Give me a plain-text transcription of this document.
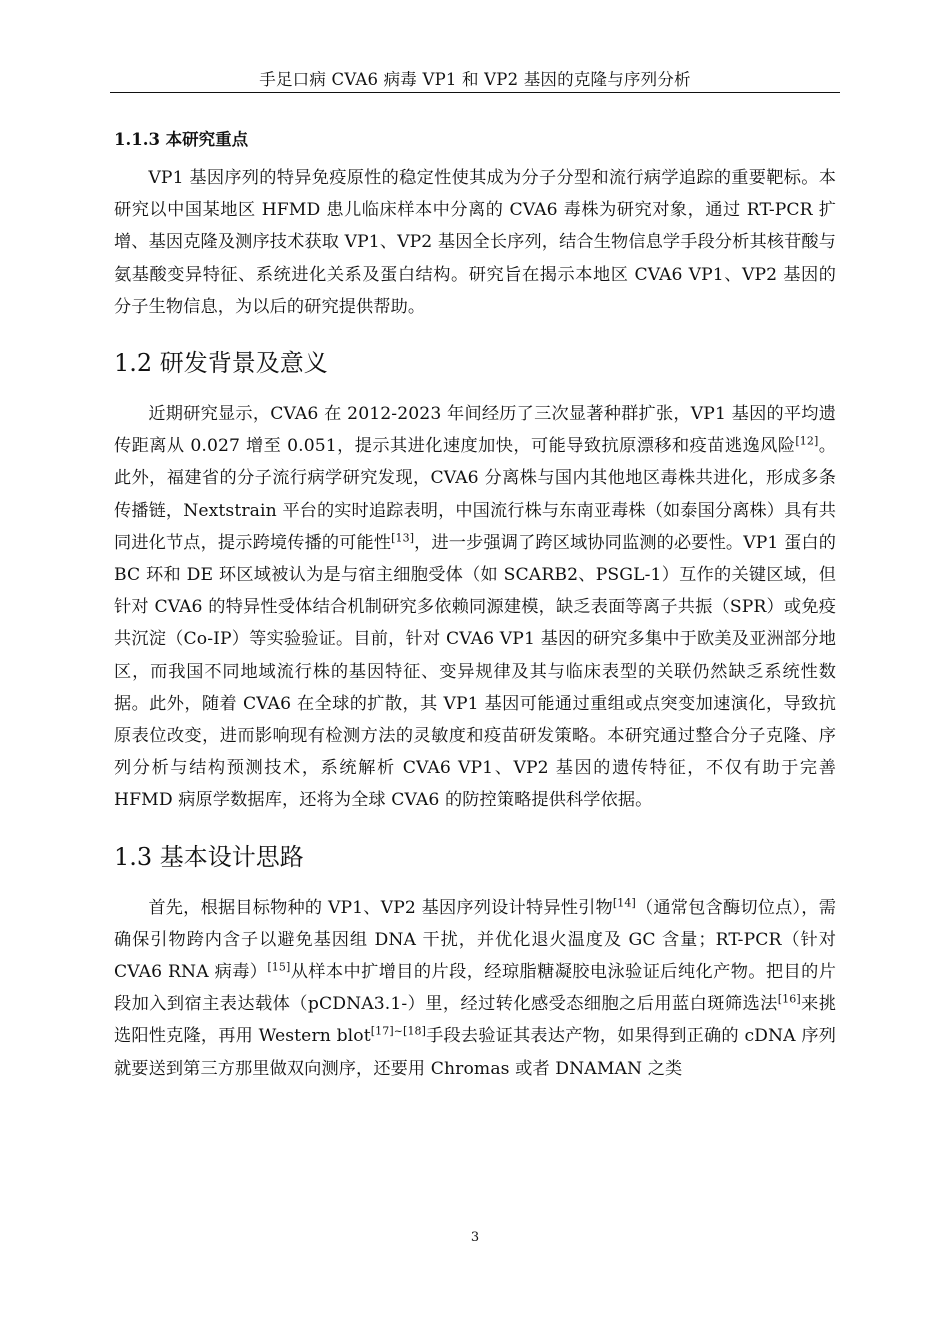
手足口病 CVA6 病毒 VP1 和 VP2 基因的克隆与序列分析
1.1.3 本研究重点

VP1 基因序列的特异免疫原性的稳定性使其成为分子分型和流行病学追踪的重要靶标。本研究以中国某地区 HFMD 患儿临床样本中分离的 CVA6 毒株为研究对象，通过 RT-PCR 扩增、基因克隆及测序技术获取 VP1、VP2 基因全长序列，结合生物信息学手段分析其核苷酸与氨基酸变异特征、系统进化关系及蛋白结构。研究旨在揭示本地区 CVA6 VP1、VP2 基因的分子生物信息，为以后的研究提供帮助。

1.2 研发背景及意义

近期研究显示，CVA6 在 2012-2023 年间经历了三次显著种群扩张，VP1 基因的平均遗传距离从 0.027 增至 0.051，提示其进化速度加快，可能导致抗原漂移和疫苗逃逸风险[12]。此外，福建省的分子流行病学研究发现，CVA6 分离株与国内其他地区毒株共进化，形成多条传播链，Nextstrain 平台的实时追踪表明，中国流行株与东南亚毒株（如泰国分离株）具有共同进化节点，提示跨境传播的可能性[13]，进一步强调了跨区域协同监测的必要性。VP1 蛋白的 BC 环和 DE 环区域被认为是与宿主细胞受体（如 SCARB2、PSGL-1）互作的关键区域，但针对 CVA6 的特异性受体结合机制研究多依赖同源建模，缺乏表面等离子共振（SPR）或免疫共沉淀（Co-IP）等实验验证。目前，针对 CVA6 VP1 基因的研究多集中于欧美及亚洲部分地区，而我国不同地域流行株的基因特征、变异规律及其与临床表型的关联仍然缺乏系统性数据。此外，随着 CVA6 在全球的扩散，其 VP1 基因可能通过重组或点突变加速演化，导致抗原表位改变，进而影响现有检测方法的灵敏度和疫苗研发策略。本研究通过整合分子克隆、序列分析与结构预测技术，系统解析 CVA6 VP1、VP2 基因的遗传特征，不仅有助于完善 HFMD 病原学数据库，还将为全球 CVA6 的防控策略提供科学依据。

1.3 基本设计思路

首先，根据目标物种的 VP1、VP2 基因序列设计特异性引物[14]（通常包含酶切位点），需确保引物跨内含子以避免基因组 DNA 干扰，并优化退火温度及 GC 含量；RT-PCR（针对 CVA6 RNA 病毒）[15]从样本中扩增目的片段，经琼脂糖凝胶电泳验证后纯化产物。把目的片段加入到宿主表达载体（pCDNA3.1-）里，经过转化感受态细胞之后用蓝白斑筛选法[16]来挑选阳性克隆，再用 Western blot[17]~[18]手段去验证其表达产物，如果得到正确的 cDNA 序列就要送到第三方那里做双向测序，还要用 Chromas 或者 DNAMAN 之类

3
